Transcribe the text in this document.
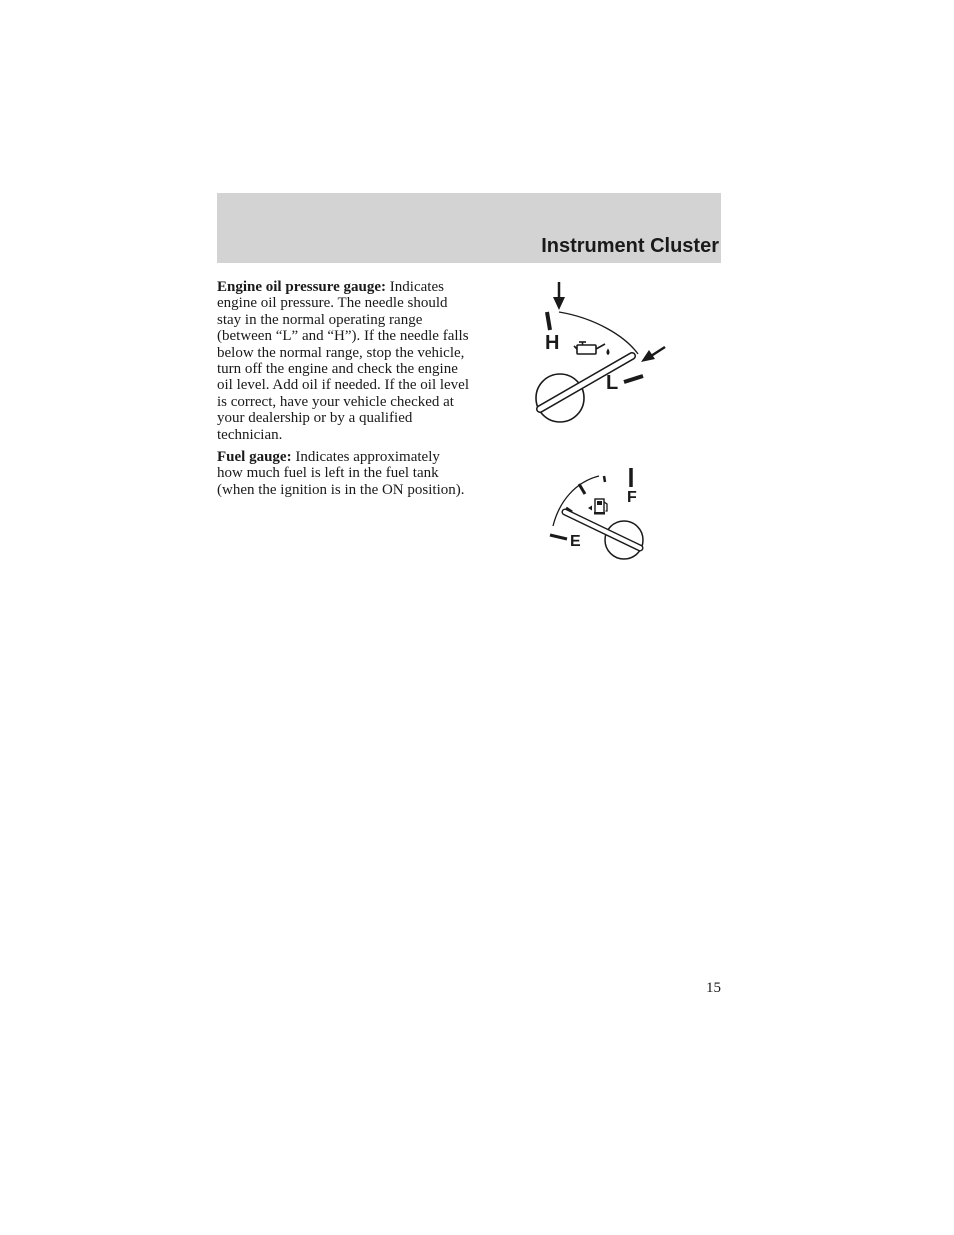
Instrument Cluster

Engine oil pressure gauge: Indicates engine oil pressure. The needle should stay in the normal operating range (between “L” and “H”). If the needle falls below the normal range, stop the vehicle, turn off the engine and check the engine oil level. Add oil if needed. If the oil level is correct, have your vehicle checked at your dealership or by a qualified technician.

Fuel gauge: Indicates approximately how much fuel is left in the fuel tank (when the ignition is in the ON position).

H
L
F
E
15
